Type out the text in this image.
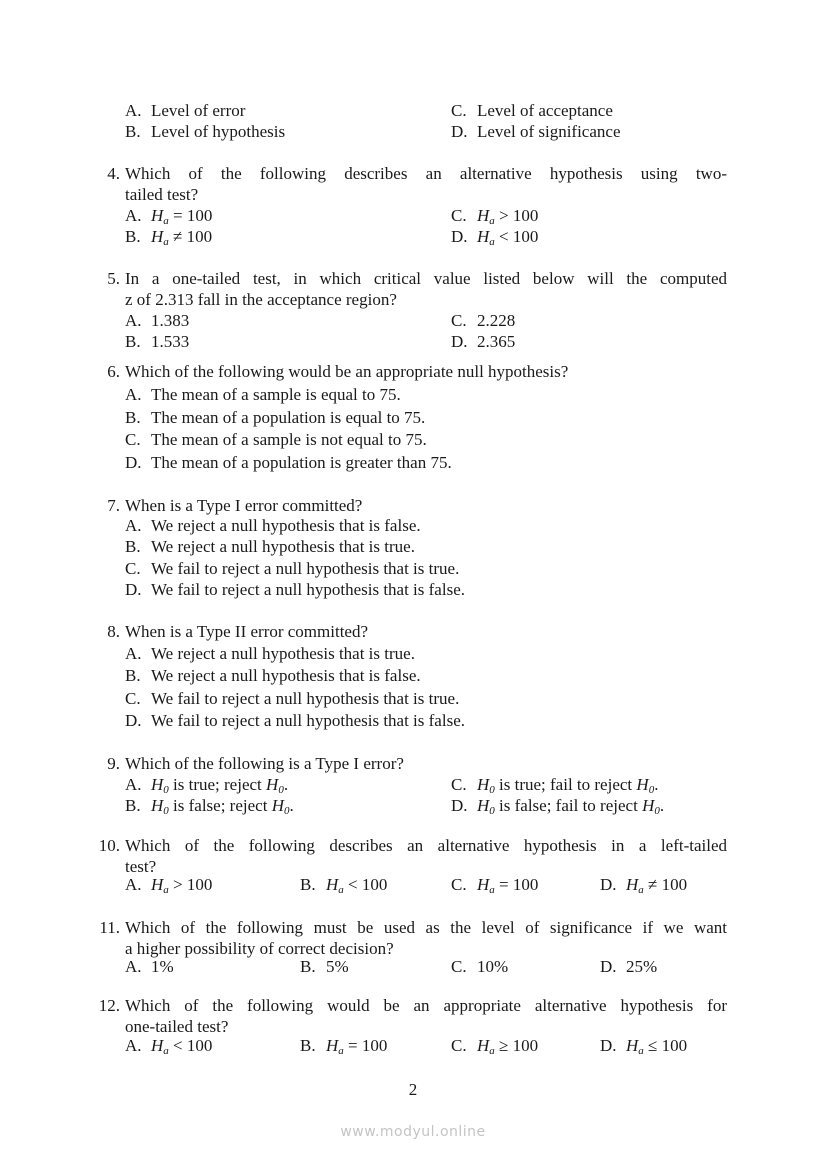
A. Level of error	C. Level of acceptance
B. Level of hypothesis	D. Level of significance
4. Which of the following describes an alternative hypothesis using two-
tailed test?
A. $H_a = 100$	C. $H_a > 100$
B. $H_a \ne 100$	D. $H_a < 100$
5. In a one-tailed test, in which critical value listed below will the computed
z of 2.313 fall in the acceptance region?
A. 1.383	C. 2.228
B. 1.533	D. 2.365
6. Which of the following would be an appropriate null hypothesis?
A. The mean of a sample is equal to 75.
B. The mean of a population is equal to 75.
C. The mean of a sample is not equal to 75.
D. The mean of a population is greater than 75.
7. When is a Type I error committed?
A. We reject a null hypothesis that is false.
B. We reject a null hypothesis that is true.
C. We fail to reject a null hypothesis that is true.
D. We fail to reject a null hypothesis that is false.
8. When is a Type II error committed?
A. We reject a null hypothesis that is true.
B. We reject a null hypothesis that is false.
C. We fail to reject a null hypothesis that is true.
D. We fail to reject a null hypothesis that is false.
9. Which of the following is a Type I error?
A. $H_0$ is true; reject $H_0$.	C. $H_0$ is true; fail to reject $H_0$.
B. $H_0$ is false; reject $H_0$.	D. $H_0$ is false; fail to reject $H_0$.
10. Which of the following describes an alternative hypothesis in a left-tailed
test?
A. $H_a > 100$	B. $H_a < 100$	C. $H_a = 100$	D. $H_a \ne 100$
11. Which of the following must be used as the level of significance if we want
a higher possibility of correct decision?
A. 1%	B. 5%	C. 10%	D. 25%
12. Which of the following would be an appropriate alternative hypothesis for
one-tailed test?
A. $H_a < 100$	B. $H_a = 100$	C. $H_a \ge 100$	D. $H_a \le 100$
2
www.modyul.online
